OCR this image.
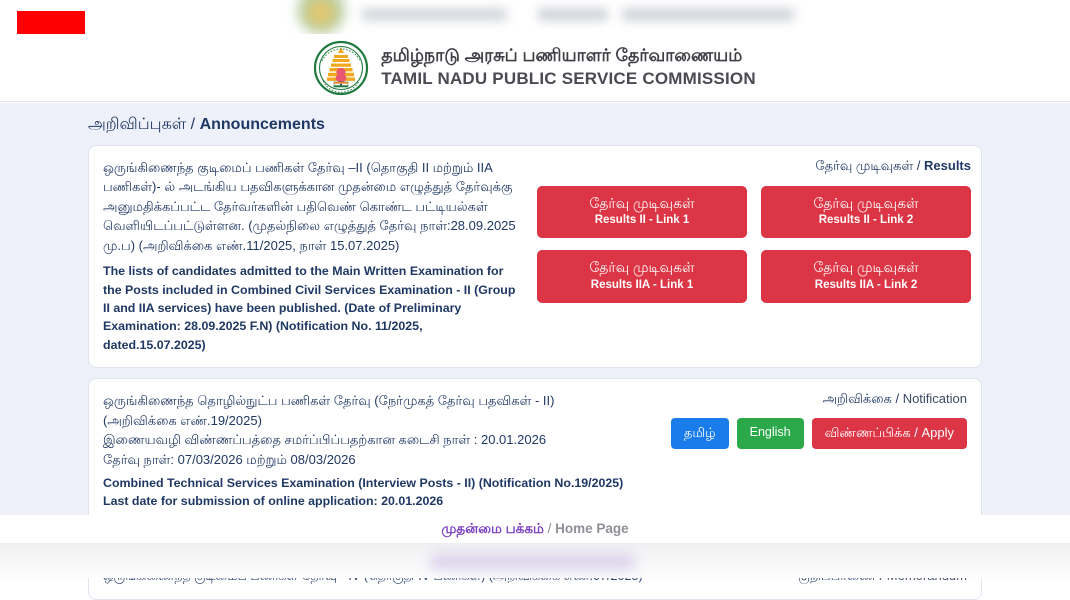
தமிழ்நாடு அரசுப் பணியாளர் தேர்வாணையம்
TAMIL NADU PUBLIC SERVICE COMMISSION
அறிவிப்புகள் / Announcements
ஒருங்கிணைந்த குடிமைப் பணிகள் தேர்வு –II (தொகுதி II மற்றும் IIA பணிகள்)- ல் அடங்கிய பதவிகளுக்கான முதன்மை எழுத்துத் தேர்வுக்கு அனுமதிக்கப்பட்ட தேர்வர்களின் பதிவெண் கொண்ட பட்டியல்கள் வெளியிடப்பட்டுள்ளன. (முதல்நிலை எழுத்துத் தேர்வு நாள்:28.09.2025 மு.ப) (அறிவிக்கை எண்.11/2025, நாள் 15.07.2025)
The lists of candidates admitted to the Main Written Examination for the Posts included in Combined Civil Services Examination - II (Group II and IIA services) have been published. (Date of Preliminary Examination: 28.09.2025 F.N) (Notification No. 11/2025, dated.15.07.2025)
தேர்வு முடிவுகள் / Results
தேர்வு முடிவுகள்
Results II - Link 1
தேர்வு முடிவுகள்
Results II - Link 2
தேர்வு முடிவுகள்
Results IIA - Link 1
தேர்வு முடிவுகள்
Results IIA - Link 2
ஒருங்கிணைந்த தொழில்நுட்ப பணிகள் தேர்வு (நேர்முகத் தேர்வு பதவிகள் - II)
(அறிவிக்கை எண்.19/2025)
இணையவழி விண்ணப்பத்தை சமர்ப்பிப்பதற்கான கடைசி நாள் : 20.01.2026
தேர்வு நாள்: 07/03/2026 மற்றும் 08/03/2026
Combined Technical Services Examination (Interview Posts - II) (Notification No.19/2025)
Last date for submission of online application: 20.01.2026
அறிவிக்கை / Notification
தமிழ்	English	விண்ணப்பிக்க / Apply
முதன்மை பக்கம் / Home Page
